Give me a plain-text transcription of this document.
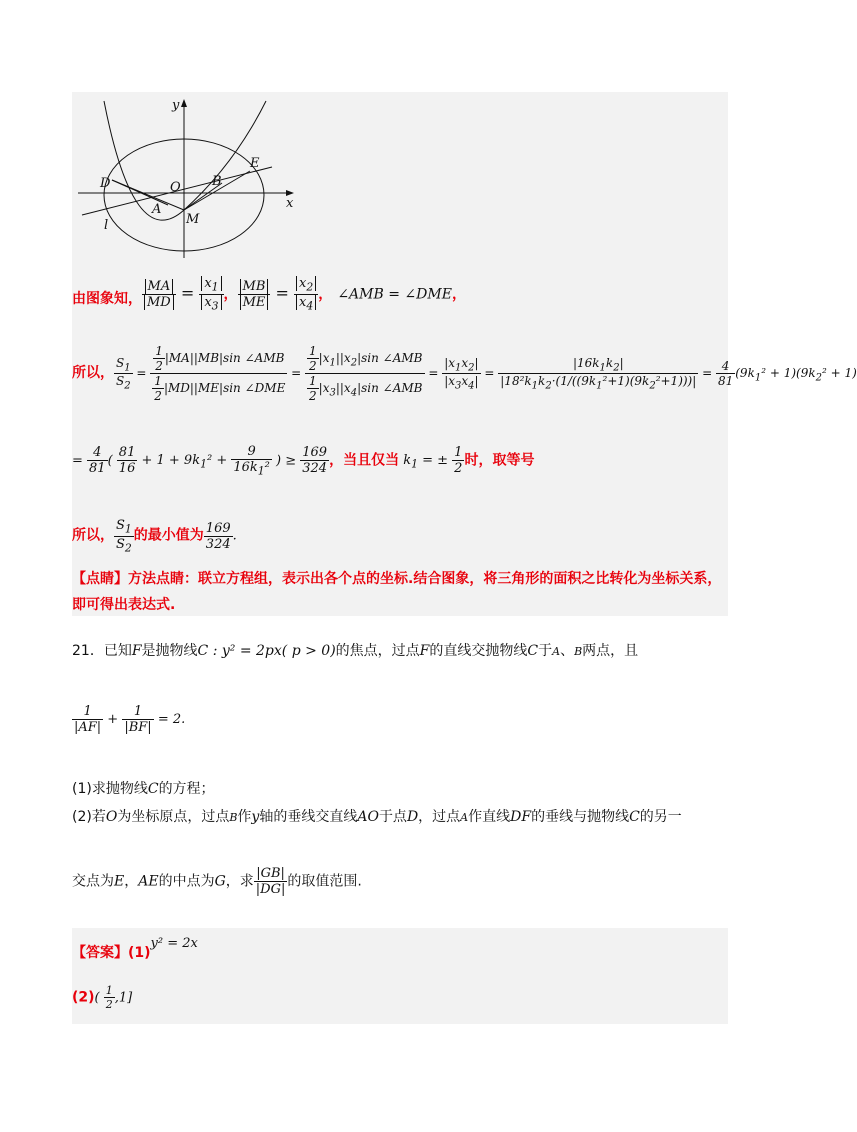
y
x
E
D	O B
A
M
l
由图象知， $\frac{MA}{MD} = \frac{x_1}{x_3}$ ， $\frac{MB}{ME} = \frac{x_2}{x_4}$ ， ∠AMB = ∠DME，
所以， $\frac{S_1}{S_2} = \frac{\frac{1}{2} |MA||MB|\sin \angle AMB}{\frac{1}{2} |MD||ME|\sin \angle DME} = \frac{\frac{1}{2} |x_1||x_2|\sin \angle AMB}{\frac{1}{2} |x_3||x_4|\sin \angle AMB} = \frac{|x_1x_2|}{|x_3x_4|} = \frac{|16k_1k_2|}{|18^2k_1k_2\cdot(1/((9k_1^2+1)(9k_2^2+1)))|} = \frac{4}{81} (9k_1^2 + 1)(9k_2^2 + 1)$
= $\frac{4}{81}$ ( $\frac{81}{16} + 1 + 9k_1^2 + \frac{9}{16k_1^2}$ ) ≥ $\frac{169}{324}$ ，当且仅当 $k_1$ = ± $\frac{1}{2}$ 时，取等号
所以， $\frac{S_1}{S_2}$ 的最小值为 $\frac{169}{324}$ .
【点睛】方法点睛：联立方程组，表示出各个点的坐标.结合图象，将三角形的面积之比转化为坐标关系，
即可得出表达式.
21．已知F是抛物线C : y² = 2px( p > 0)的焦点，过点F的直线交抛物线C于A、B两点，且
$\frac{1}{|AF|} + \frac{1}{|BF|} = 2$.
(1)求抛物线C的方程；
(2)若O为坐标原点，过点B作y轴的垂线交直线AO于点D，过点A作直线DF的垂线与抛物线C的另一
交点为E，AE的中点为G，求 $\frac{|GB|}{|DG|}$ 的取值范围.
【答案】(1)y² = 2x
$(2)( \frac{1}{2} ,1]$
